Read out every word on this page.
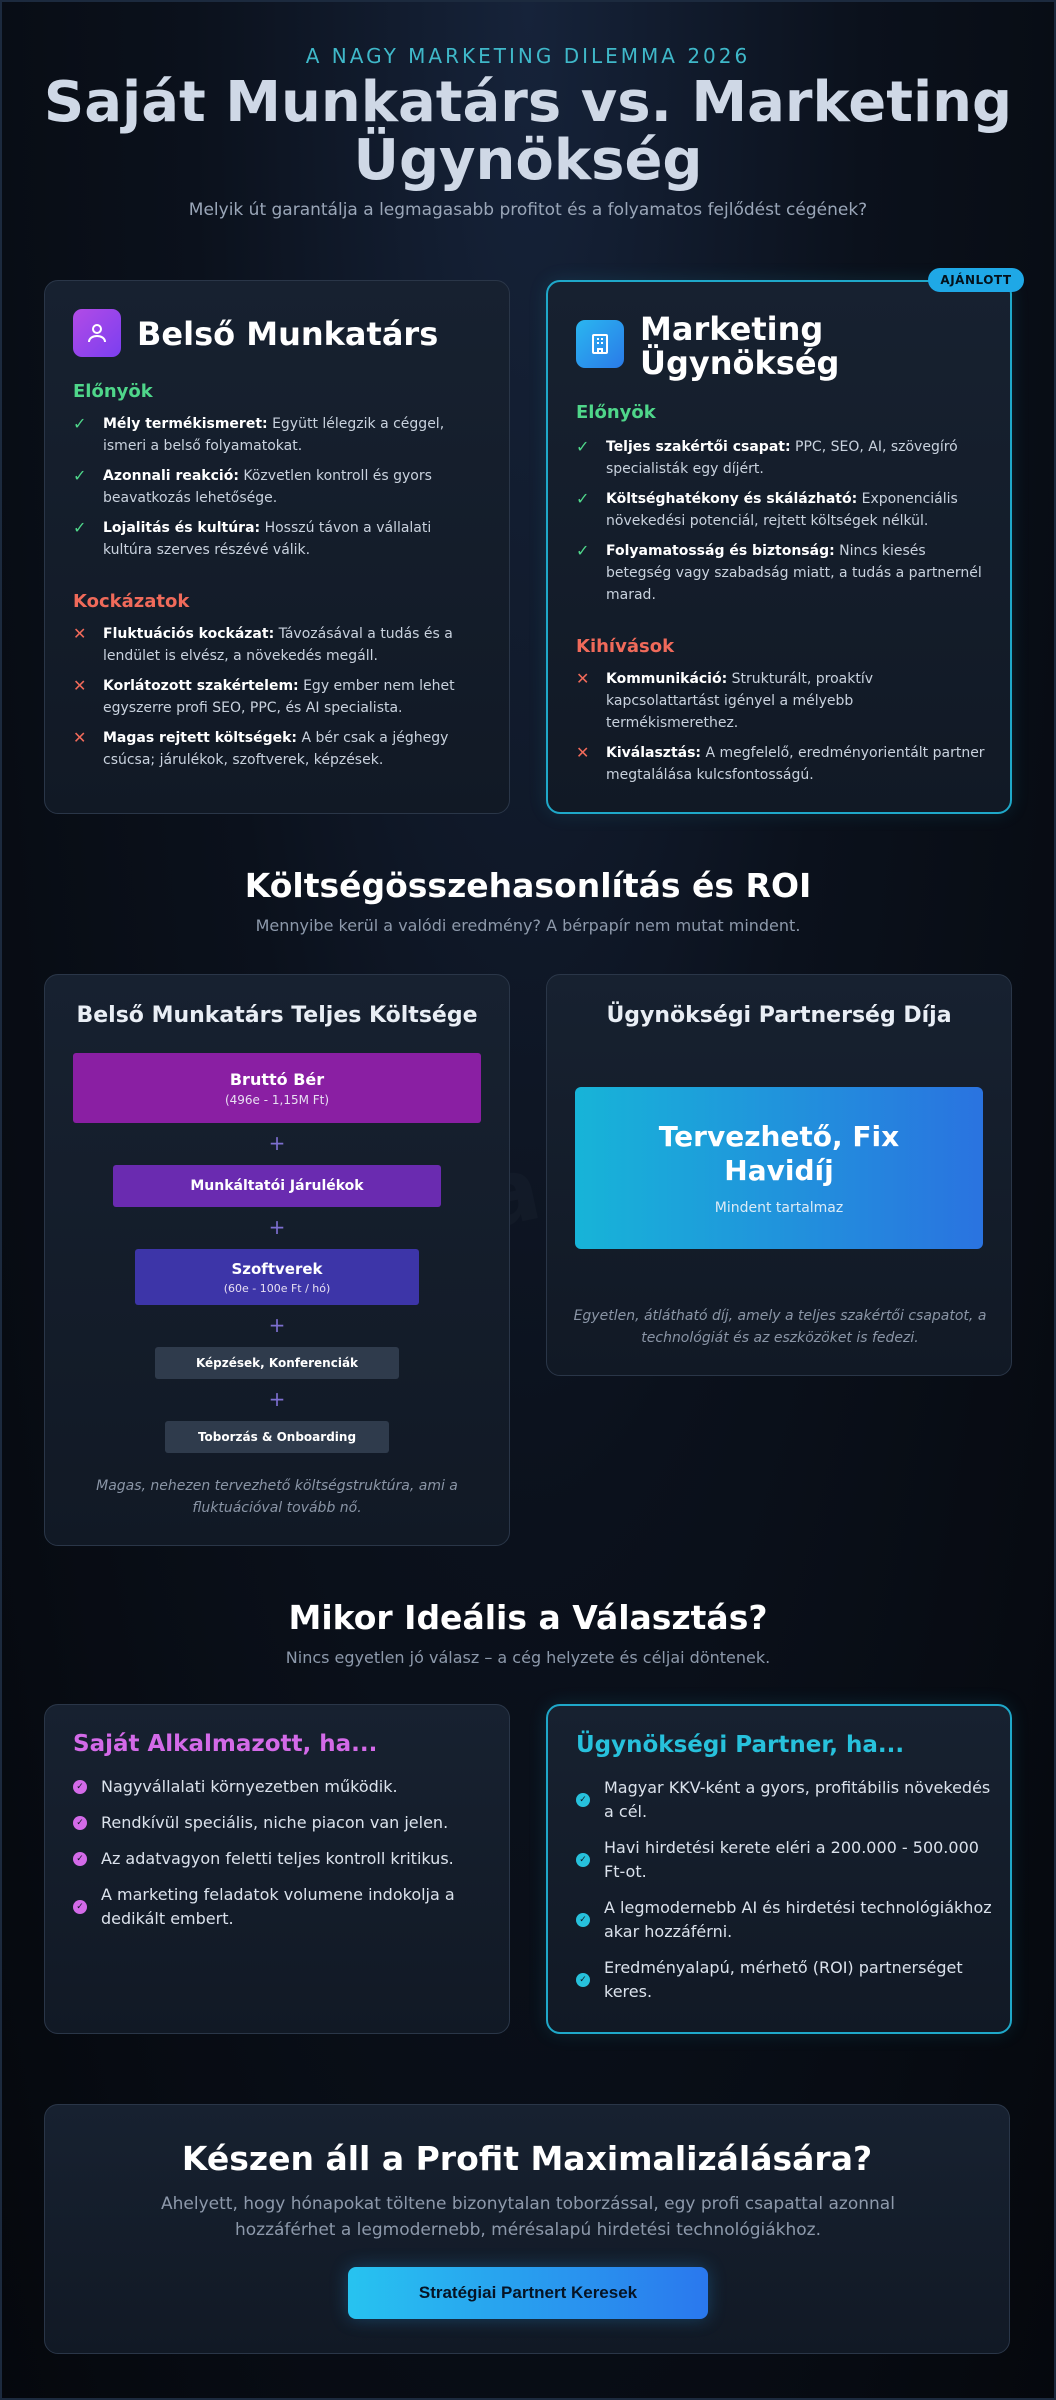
A NAGY MARKETING DILEMMA 2026
Saját Munkatárs vs. Marketing Ügynökség

Melyik út garantálja a legmagasabb profitot és a folyamatos fejlődést cégének?

Belső Munkatárs
Előnyök
✓	Mély termékismeret: Együtt lélegzik a céggel, ismeri a belső folyamatokat.
✓	Azonnali reakció: Közvetlen kontroll és gyors beavatkozás lehetősége.
✓	Lojalitás és kultúra: Hosszú távon a vállalati kultúra szerves részévé válik.
Kockázatok
✕	Fluktuációs kockázat: Távozásával a tudás és a lendület is elvész, a növekedés megáll.
✕	Korlátozott szakértelem: Egy ember nem lehet egyszerre profi SEO, PPC, és AI specialista.
✕	Magas rejtett költségek: A bér csak a jéghegy csúcsa; járulékok, szoftverek, képzések.
Marketing Ügynökség
Előnyök
✓	Teljes szakértői csapat: PPC, SEO, AI, szövegíró specialisták egy díjért.
✓	Költséghatékony és skálázható: Exponenciális növekedési potenciál, rejtett költségek nélkül.
✓	Folyamatosság és biztonság: Nincs kiesés betegség vagy szabadság miatt, a tudás a partnernél marad.
Kihívások
✕	Kommunikáció: Strukturált, proaktív kapcsolattartást igényel a mélyebb termékismerethez.
✕	Kiválasztás: A megfelelő, eredményorientált partner megtalálása kulcsfontosságú.
AJÁNLOTT
Költségösszehasonlítás és ROI

Mennyibe kerül a valódi eredmény? A bérpapír nem mutat mindent.

Belső Munkatárs Teljes Költsége
Bruttó Bér
(496e - 1,15M Ft)
+
Munkáltatói Járulékok
+
Szoftverek
(60e - 100e Ft / hó)
+
Képzések, Konferenciák
+
Toborzás & Onboarding
Magas, nehezen tervezhető költségstruktúra, ami a fluktuációval tovább nő.
Ügynökségi Partnerség Díja
Tervezhető, Fix Havidíj
Mindent tartalmaz
Egyetlen, átlátható díj, amely a teljes szakértői csapatot, a technológiát és az eszközöket is fedezi.
Mikor Ideális a Választás?

Nincs egyetlen jó válasz – a cég helyzete és céljai döntenek.

Saját Alkalmazott, ha...
✓ Nagyvállalati környezetben működik.
✓ Rendkívül speciális, niche piacon van jelen.
✓ Az adatvagyon feletti teljes kontroll kritikus.
✓
A marketing feladatok volumene indokolja a dedikált embert.
Ügynökségi Partner, ha...
✓
Magyar KKV-ként a gyors, profitábilis növekedés a cél.
✓
Havi hirdetési kerete eléri a 200.000 - 500.000 Ft-ot.
✓
A legmodernebb AI és hirdetési technológiákhoz akar hozzáférni.
✓
Eredményalapú, mérhető (ROI) partnerséget keres.
Készen áll a Profit Maximalizálására?

Ahelyett, hogy hónapokat töltene bizonytalan toborzással, egy profi csapattal azonnal hozzáférhet a legmodernebb, mérésalapú hirdetési technológiákhoz.

Stratégiai Partnert Keresek
